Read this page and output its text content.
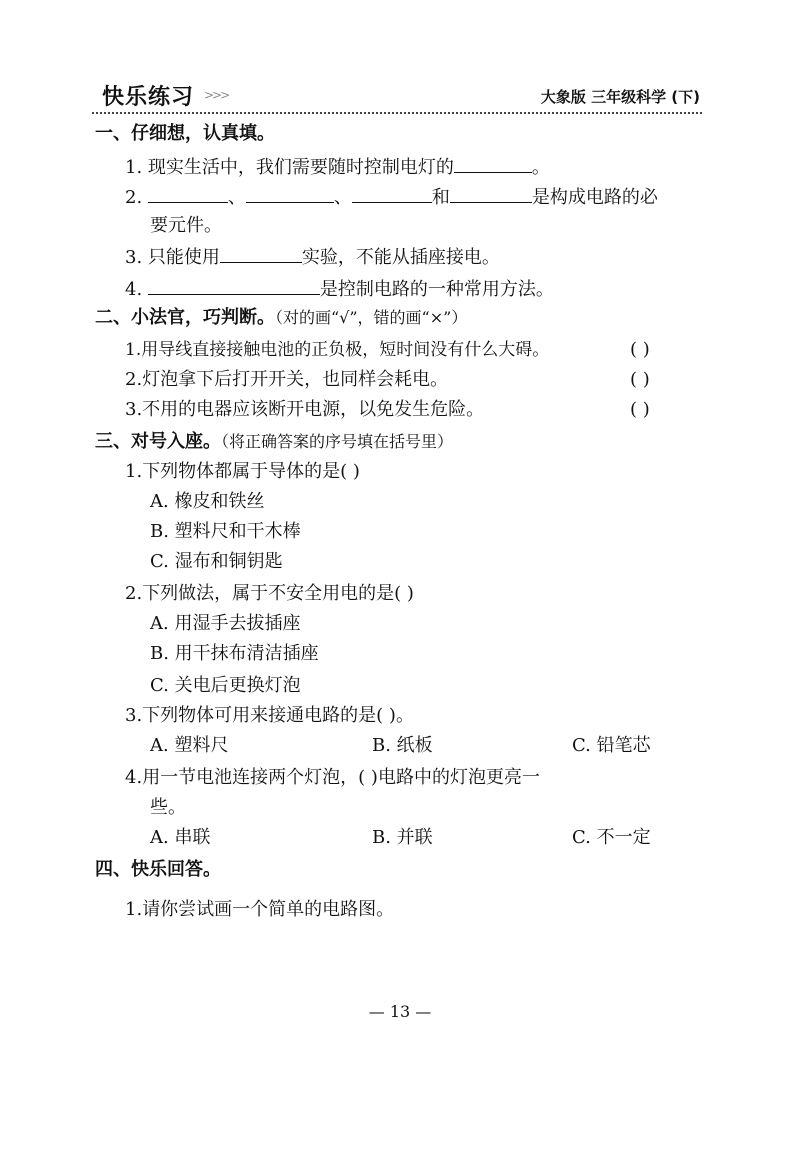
快乐练习 >>>	大象版 三年级科学 (下)
一、仔细想，认真填。
1. 现实生活中，我们需要随时控制电灯的	。
2.	、	、	和	是构成电路的必
要元件。
3. 只能使用	实验，不能从插座接电。
4.	是控制电路的一种常用方法。
二、小法官，巧判断。（对的画“√”，错的画“×”）
1.用导线直接接触电池的正负极，短时间没有什么大碍。	( )
2.灯泡拿下后打开开关，也同样会耗电。	( )
3.不用的电器应该断开电源，以免发生危险。	( )
三、对号入座。（将正确答案的序号填在括号里）
1.下列物体都属于导体的是( )
A. 橡皮和铁丝
B. 塑料尺和干木棒
C. 湿布和铜钥匙
2.下列做法，属于不安全用电的是( )
A. 用湿手去拔插座
B. 用干抹布清洁插座
C. 关电后更换灯泡
3.下列物体可用来接通电路的是( )。
A. 塑料尺	B. 纸板	C. 铅笔芯
4.用一节电池连接两个灯泡，( )电路中的灯泡更亮一
些。
A. 串联	B. 并联	C. 不一定
四、快乐回答。
1.请你尝试画一个简单的电路图。
— 13 —
